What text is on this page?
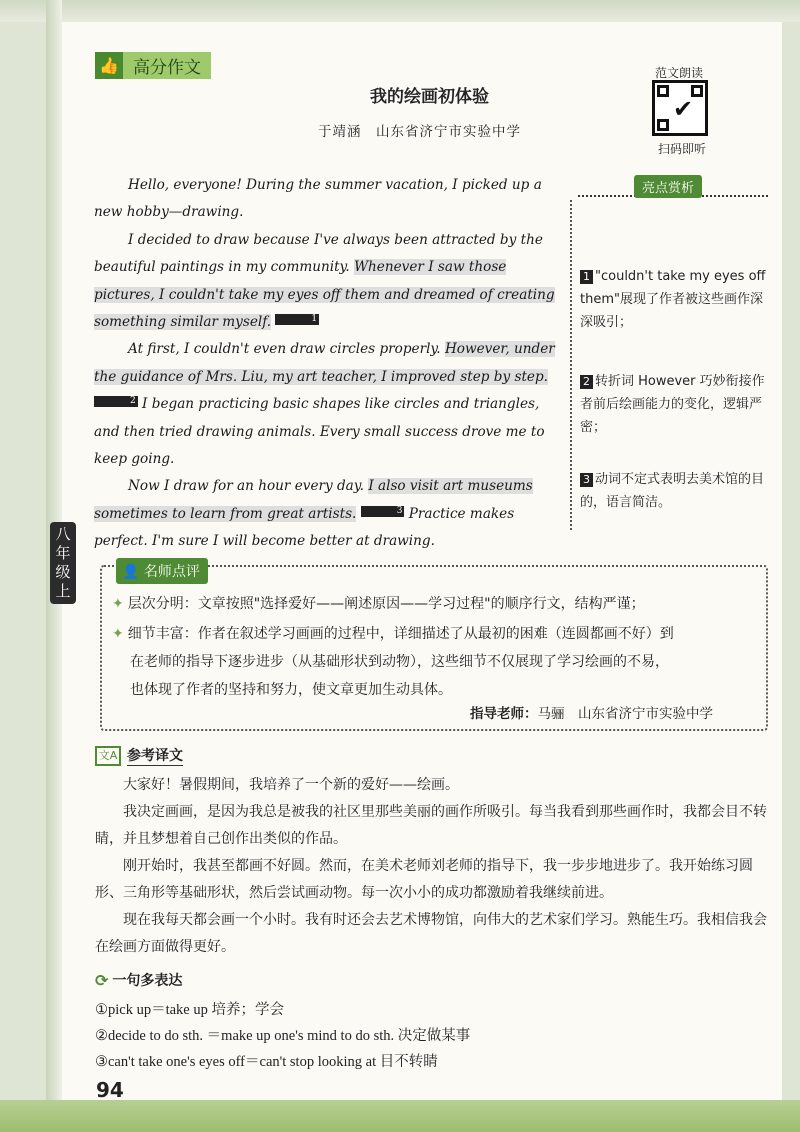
👍 高分作文
我的绘画初体验
于靖涵　山东省济宁市实验中学
范文朗读
✔
扫码即听

Hello, everyone! During the summer vacation, I picked up a new hobby—drawing.

I decided to draw because I've always been attracted by the beautiful paintings in my community. Whenever I saw those pictures, I couldn't take my eyes off them and dreamed of creating something similar myself.	1

At first, I couldn't even draw circles properly. However, under the guidance of Mrs. Liu, my art teacher, I improved step by step. 2 I began practicing basic shapes like circles and triangles, and then tried drawing animals. Every small success drove me to keep going.

Now I draw for an hour every day. I also visit art museums sometimes to learn from great artists.	3 Practice makes perfect. I'm sure I will become better at drawing.

亮点赏析
1 "couldn't take my eyes off them"展现了作者被这些画作深深吸引；
2 转折词 However 巧妙衔接作者前后绘画能力的变化，逻辑严密；
3 动词不定式表明去美术馆的目的，语言简洁。
八年级上
👤 名师点评
✦ 层次分明：文章按照"选择爱好——阐述原因——学习过程"的顺序行文，结构严谨；
✦ 细节丰富：作者在叙述学习画画的过程中，详细描述了从最初的困难（连圆都画不好）到
在老师的指导下逐步进步（从基础形状到动物），这些细节不仅展现了学习绘画的不易，
也体现了作者的坚持和努力，使文章更加生动具体。
指导老师：马骊　山东省济宁市实验中学
文A 参考译文

大家好！暑假期间，我培养了一个新的爱好——绘画。

我决定画画，是因为我总是被我的社区里那些美丽的画作所吸引。每当我看到那些画作时，我都会目不转睛，并且梦想着自己创作出类似的作品。

刚开始时，我甚至都画不好圆。然而，在美术老师刘老师的指导下，我一步步地进步了。我开始练习圆形、三角形等基础形状，然后尝试画动物。每一次小小的成功都激励着我继续前进。

现在我每天都会画一个小时。我有时还会去艺术博物馆，向伟大的艺术家们学习。熟能生巧。我相信我会在绘画方面做得更好。

⟳ 一句多表达
①pick up＝take up 培养；学会
②decide to do sth. ＝make up one's mind to do sth. 决定做某事
③can't take one's eyes off＝can't stop looking at 目不转睛
94
